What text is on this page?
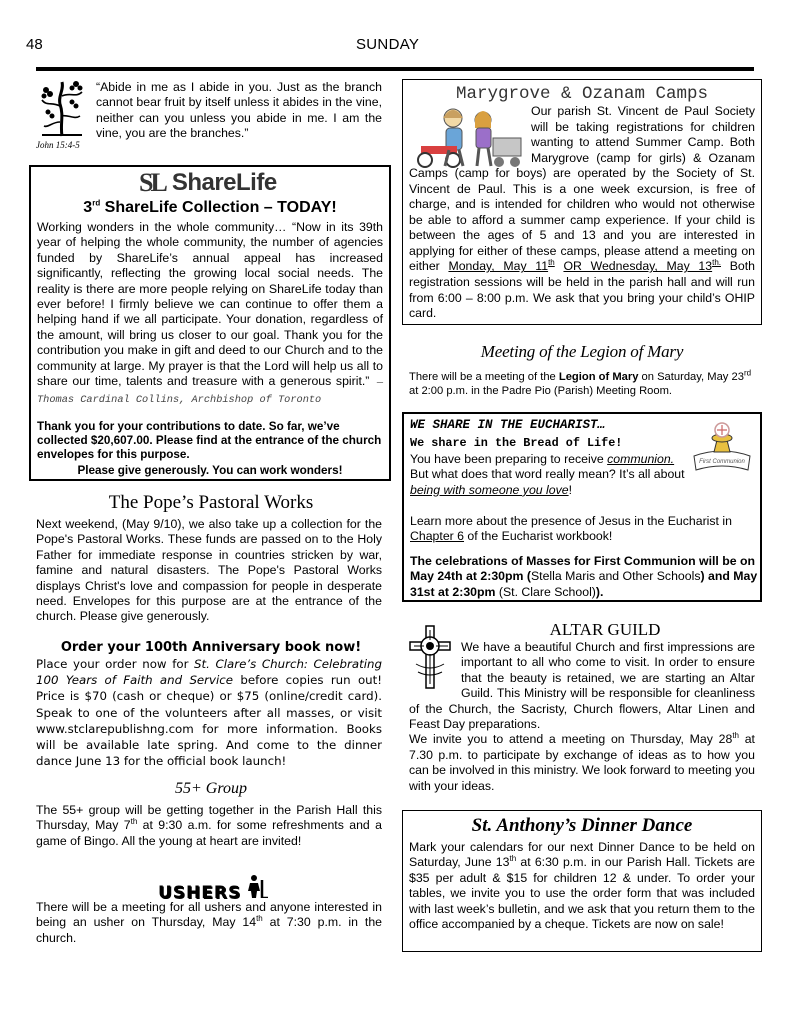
48	SUNDAY
John 15:4-5
“Abide in me as I abide in you. Just as the branch cannot bear fruit by itself unless it abides in the vine, neither can you unless you abide in me. I am the vine, you are the branches.”
S L ShareLife
3rd ShareLife Collection – TODAY!
Working wonders in the whole community… “Now in its 39th year of helping the whole community, the number of agencies funded by ShareLife’s annual appeal has increased significantly, reflecting the growing local social needs. The reality is there are more people relying on ShareLife today than ever before! I firmly believe we can continue to offer them a helping hand if we all participate. Your donation, regardless of the amount, will bring us closer to our goal. Thank you for the contribution you make in gift and deed to our Church and to the community at large. My prayer is that the Lord will help us all to share our time, talents and treasure with a generous spirit.” —Thomas Cardinal Collins, Archbishop of Toronto
Thank you for your contributions to date. So far, we’ve collected $20,607.00. Please find at the entrance of the church envelopes for this purpose.
Please give generously. You can work wonders!
The Pope’s Pastoral Works
Next weekend, (May 9/10), we also take up a collection for the Pope's Pastoral Works. These funds are passed on to the Holy Father for immediate response in countries stricken by war, famine and natural disasters. The Pope's Pastoral Works displays Christ's love and compassion for people in desperate need. Envelopes for this purpose are at the entrance of the church. Please give generously.
Order your 100th Anniversary book now!
Place your order now for St. Clare’s Church: Celebrating 100 Years of Faith and Service before copies run out! Price is $70 (cash or cheque) or $75 (online/credit card). Speak to one of the volunteers after all masses, or visit www.stclarepublishng.com for more information. Books will be available late spring. And come to the dinner dance June 13 for the official book launch!
55+ Group
The 55+ group will be getting together in the Parish Hall this Thursday, May 7th at 9:30 a.m. for some refreshments and a game of Bingo. All the young at heart are invited!
USHERS
There will be a meeting for all ushers and anyone interested in being an usher on Thursday, May 14th at 7:30 p.m. in the church.
Marygrove & Ozanam Camps
Our parish St. Vincent de Paul Society will be taking registrations for children wanting to attend Summer Camp. Both Marygrove (camp for girls) & Ozanam Camps (camp for boys) are operated by the Society of St. Vincent de Paul. This is a one week excursion, is free of charge, and is intended for children who would not otherwise be able to afford a summer camp experience. If your child is between the ages of 5 and 13 and you are interested in applying for either of these camps, please attend a meeting on either Monday, May 11th OR Wednesday, May $13^{th.}$ Both registration sessions will be held in the parish hall and will run from 6:00 – 8:00 p.m. We ask that you bring your child’s OHIP card.
Meeting of the Legion of Mary
There will be a meeting of the Legion of Mary on Saturday, May 23rd at 2:00 p.m. in the Padre Pio (Parish) Meeting Room.
WE SHARE IN THE EUCHARIST…
We share in the Bread of Life!
First Communion
You have been preparing to receive communion. But what does that word really mean? It’s all about being with someone you love!
Learn more about the presence of Jesus in the Eucharist in Chapter 6 of the Eucharist workbook!
The celebrations of Masses for First Communion will be on May 24th at 2:30pm (Stella Maris and Other Schools) and May 31st at 2:30pm (St. Clare School)).
ALTAR GUILD

We have a beautiful Church and first impressions are important to all who come to visit. In order to ensure that the beauty is retained, we are starting an Altar Guild. This Ministry will be responsible for cleanliness of the Church, the Sacristy, Church flowers, Altar Linen and Feast Day preparations.

We invite you to attend a meeting on Thursday, May 28th at 7.30 p.m. to participate by exchange of ideas as to how you can be involved in this ministry. We look forward to meeting you with your ideas.

St. Anthony’s Dinner Dance
Mark your calendars for our next Dinner Dance to be held on Saturday, June 13th at 6:30 p.m. in our Parish Hall. Tickets are $35 per adult & $15 for children 12 & under. To order your tables, we invite you to use the order form that was included with last week’s bulletin, and we ask that you return them to the office accompanied by a cheque. Tickets are now on sale!
